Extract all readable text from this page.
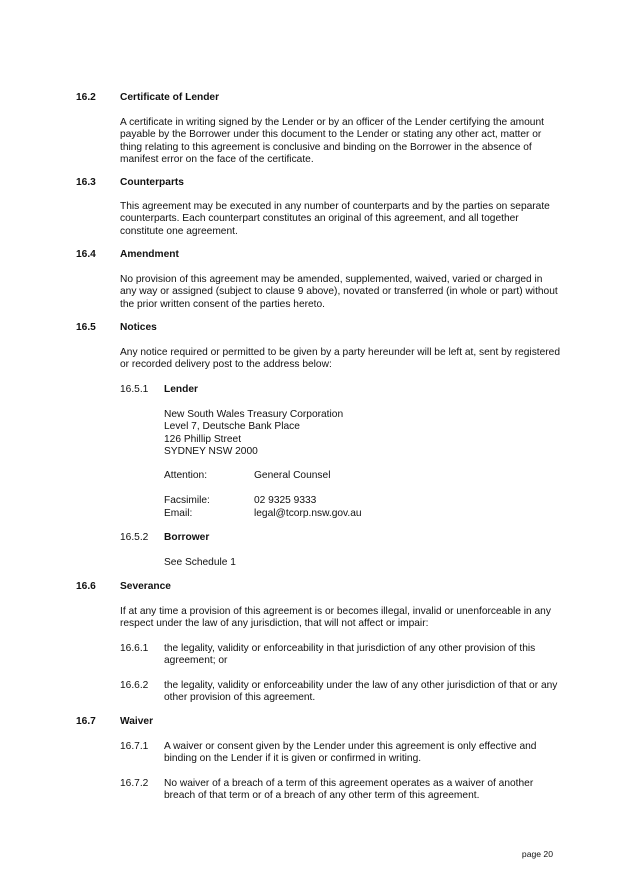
16.2 Certificate of Lender
A certificate in writing signed by the Lender or by an officer of the Lender certifying the amount payable by the Borrower under this document to the Lender or stating any other act, matter or thing relating to this agreement is conclusive and binding on the Borrower in the absence of manifest error on the face of the certificate.
16.3 Counterparts
This agreement may be executed in any number of counterparts and by the parties on separate counterparts. Each counterpart constitutes an original of this agreement, and all together constitute one agreement.
16.4 Amendment
No provision of this agreement may be amended, supplemented, waived, varied or charged in any way or assigned (subject to clause 9 above), novated or transferred (in whole or part) without the prior written consent of the parties hereto.
16.5 Notices
Any notice required or permitted to be given by a party hereunder will be left at, sent by registered or recorded delivery post to the address below:
16.5.1 Lender
New South Wales Treasury Corporation
Level 7, Deutsche Bank Place
126 Phillip Street
SYDNEY NSW 2000
Attention:	General Counsel
Facsimile:	02 9325 9333
Email:	legal@tcorp.nsw.gov.au
16.5.2 Borrower
See Schedule 1
16.6 Severance
If at any time a provision of this agreement is or becomes illegal, invalid or unenforceable in any respect under the law of any jurisdiction, that will not affect or impair:
16.6.1 the legality, validity or enforceability in that jurisdiction of any other provision of this agreement; or
16.6.2 the legality, validity or enforceability under the law of any other jurisdiction of that or any other provision of this agreement.
16.7 Waiver
16.7.1 A waiver or consent given by the Lender under this agreement is only effective and binding on the Lender if it is given or confirmed in writing.
16.7.2 No waiver of a breach of a term of this agreement operates as a waiver of another breach of that term or of a breach of any other term of this agreement.
page 20
